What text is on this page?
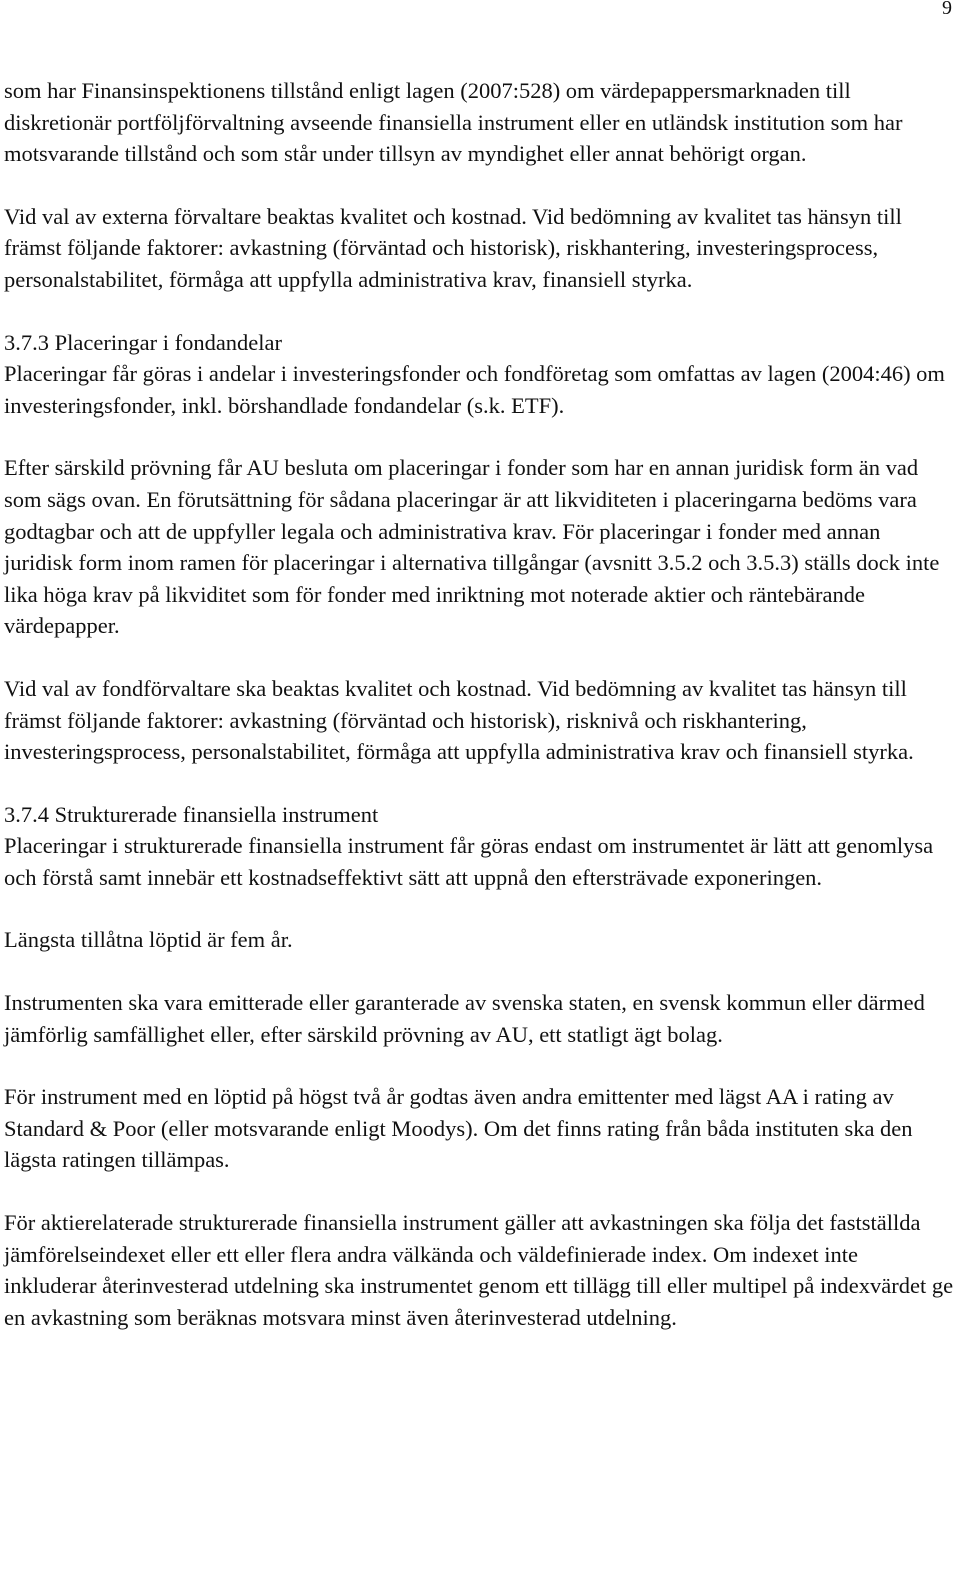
9

som har Finansinspektionens tillstånd enligt lagen (2007:528) om värdepappersmarknaden till diskretionär portföljförvaltning avseende finansiella instrument eller en utländsk institution som har motsvarande tillstånd och som står under tillsyn av myndighet eller annat behörigt organ.

Vid val av externa förvaltare beaktas kvalitet och kostnad. Vid bedömning av kvalitet tas hänsyn till främst följande faktorer: avkastning (förväntad och historisk), riskhantering, investeringsprocess, personalstabilitet, förmåga att uppfylla administrativa krav, finansiell styrka.

3.7.3 Placeringar i fondandelar

Placeringar får göras i andelar i investeringsfonder och fondföretag som omfattas av lagen (2004:46) om investeringsfonder, inkl. börshandlade fondandelar (s.k. ETF).

Efter särskild prövning får AU besluta om placeringar i fonder som har en annan juridisk form än vad som sägs ovan. En förutsättning för sådana placeringar är att likviditeten i placeringarna bedöms vara godtagbar och att de uppfyller legala och administrativa krav. För placeringar i fonder med annan juridisk form inom ramen för placeringar i alternativa tillgångar (avsnitt 3.5.2 och 3.5.3) ställs dock inte lika höga krav på likviditet som för fonder med inriktning mot noterade aktier och räntebärande värdepapper.

Vid val av fondförvaltare ska beaktas kvalitet och kostnad. Vid bedömning av kvalitet tas hänsyn till främst följande faktorer: avkastning (förväntad och historisk), risknivå och riskhantering, investeringsprocess, personalstabilitet, förmåga att uppfylla administrativa krav och finansiell styrka.

3.7.4 Strukturerade finansiella instrument

Placeringar i strukturerade finansiella instrument får göras endast om instrumentet är lätt att genomlysa och förstå samt innebär ett kostnadseffektivt sätt att uppnå den eftersträvade exponeringen.

Längsta tillåtna löptid är fem år.

Instrumenten ska vara emitterade eller garanterade av svenska staten, en svensk kommun eller därmed jämförlig samfällighet eller, efter särskild prövning av AU, ett statligt ägt bolag.

För instrument med en löptid på högst två år godtas även andra emittenter med lägst AA i rating av Standard & Poor (eller motsvarande enligt Moodys). Om det finns rating från båda instituten ska den lägsta ratingen tillämpas.

För aktierelaterade strukturerade finansiella instrument gäller att avkastningen ska följa det fastställda jämförelseindexet eller ett eller flera andra välkända och väldefinierade index. Om indexet inte inkluderar återinvesterad utdelning ska instrumentet genom ett tillägg till eller multipel på indexvärdet ge en avkastning som beräknas motsvara minst även återinvesterad utdelning.
